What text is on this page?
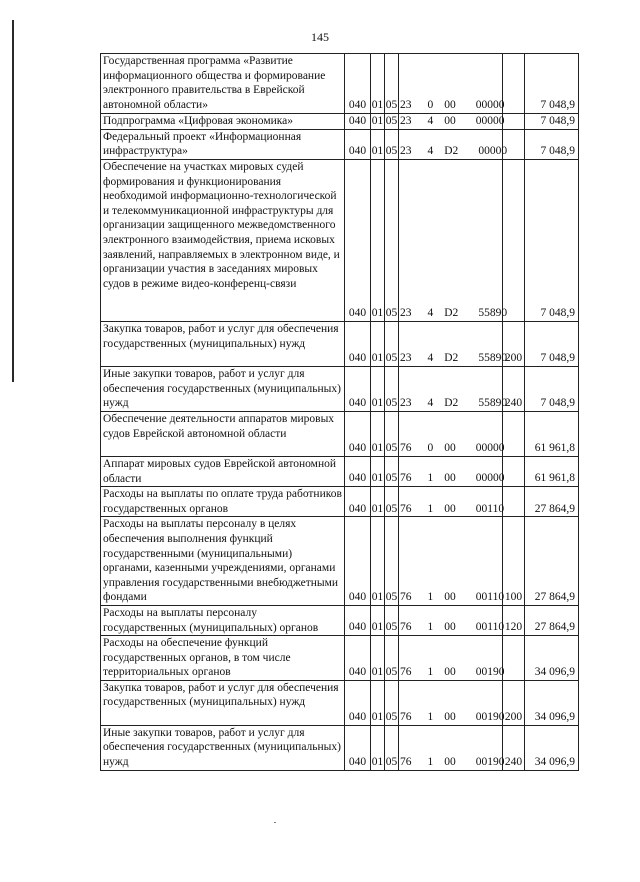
145
Государственная программа «Развитие информационного общества и формирование электронного правительства в Еврейской автономной области»	040	01	05	23 0 00 00000		7 048,9
Подпрограмма «Цифровая экономика»	040	01	05	23 4 00 00000		7 048,9
Федеральный проект «Информационная инфраструктура»	040	01	05	23 4 D2 00000		7 048,9
Обеспечение на участках мировых судей формирования и функционирования необходимой информационно-технологической и телекоммуникационной инфраструктуры для организации защищенного межведомственного электронного взаимодействия, приема исковых заявлений, направляемых в электронном виде, и организации участия в заседаниях мировых судов в режиме видео-конференц-связи	040	01	05	23 4 D2 55890		7 048,9
Закупка товаров, работ и услуг для обеспечения государственных (муниципальных) нужд	040	01	05	23 4 D2 55890	200	7 048,9
Иные закупки товаров, работ и услуг для обеспечения государственных (муниципальных) нужд	040	01	05	23 4 D2 55890	240	7 048,9
Обеспечение деятельности аппаратов мировых судов Еврейской автономной области	040	01	05	76 0 00 00000		61 961,8
Аппарат мировых судов Еврейской автономной области	040	01	05	76 1 00 00000		61 961,8
Расходы на выплаты по оплате труда работников государственных органов	040	01	05	76 1 00 00110		27 864,9
Расходы на выплаты персоналу в целях обеспечения выполнения функций государственными (муниципальными) органами, казенными учреждениями, органами управления государственными внебюджетными фондами	040	01	05	76 1 00 00110	100	27 864,9
Расходы на выплаты персоналу государственных (муниципальных) органов	040	01	05	76 1 00 00110	120	27 864,9
Расходы на обеспечение функций государственных органов, в том числе территориальных органов	040	01	05	76 1 00 00190		34 096,9
Закупка товаров, работ и услуг для обеспечения государственных (муниципальных) нужд	040	01	05	76 1 00 00190	200	34 096,9
Иные закупки товаров, работ и услуг для обеспечения государственных (муниципальных) нужд	040	01	05	76 1 00 00190	240	34 096,9
